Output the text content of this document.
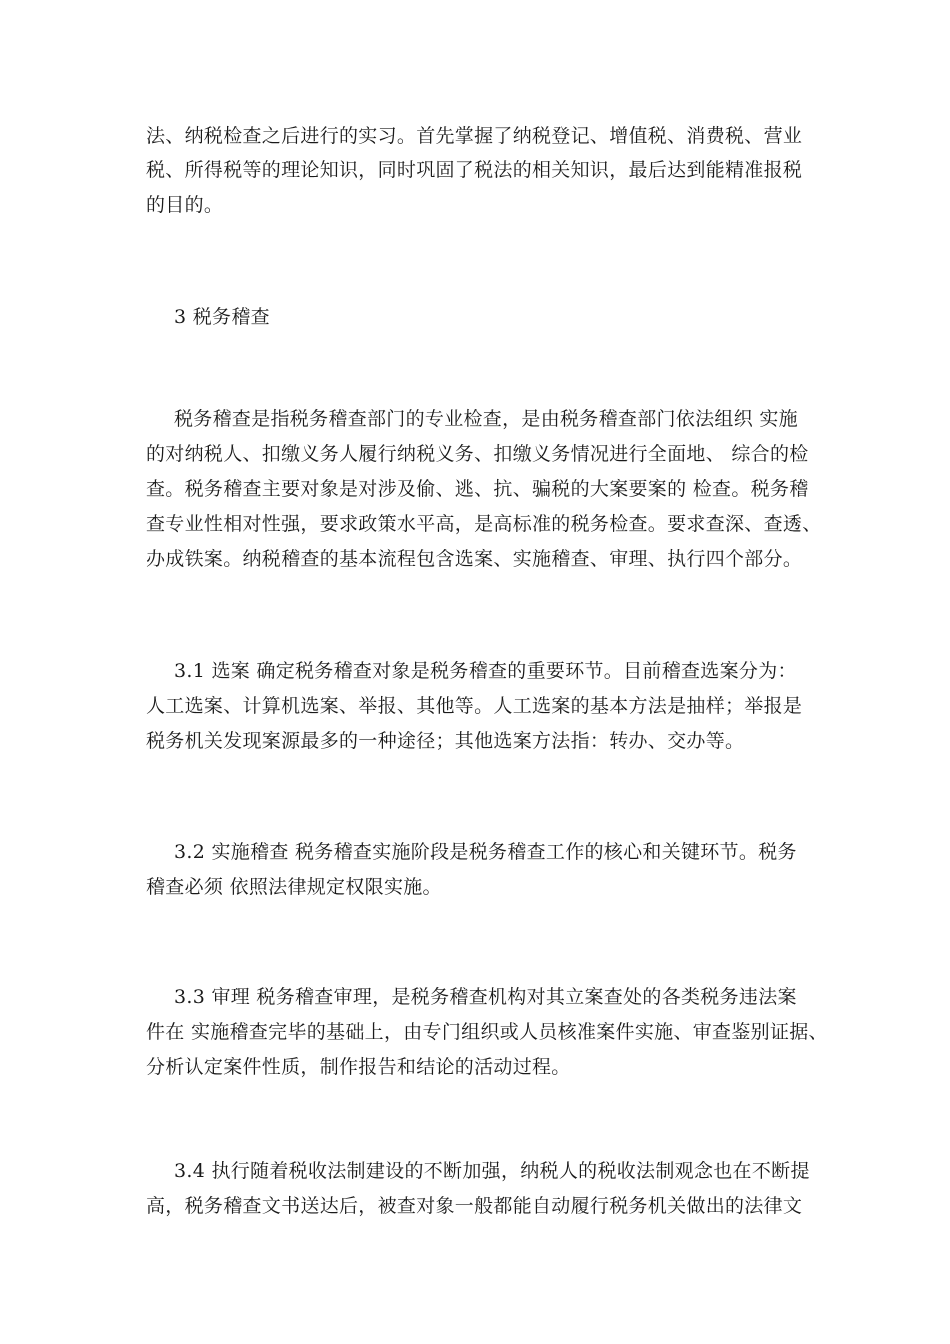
法、纳税检查之后进行的实习。首先掌握了纳税登记、增值税、消费税、营业
税、所得税等的理论知识，同时巩固了税法的相关知识，最后达到能精准报税
的目的。
3 税务稽查
税务稽查是指税务稽查部门的专业检查，是由税务稽查部门依法组织 实施
的对纳税人、扣缴义务人履行纳税义务、扣缴义务情况进行全面地、 综合的检
查。税务稽查主要对象是对涉及偷、逃、抗、骗税的大案要案的 检查。税务稽
查专业性相对性强，要求政策水平高，是高标准的税务检查。要求查深、查透、
办成铁案。纳税稽查的基本流程包含选案、实施稽查、审理、执行四个部分。
3.1 选案 确定税务稽查对象是税务稽查的重要环节。目前稽查选案分为：
人工选案、计算机选案、举报、其他等。人工选案的基本方法是抽样；举报是
税务机关发现案源最多的一种途径；其他选案方法指：转办、交办等。
3.2 实施稽查 税务稽查实施阶段是税务稽查工作的核心和关键环节。税务
稽查必须 依照法律规定权限实施。
3.3 审理 税务稽查审理，是税务稽查机构对其立案查处的各类税务违法案
件在 实施稽查完毕的基础上，由专门组织或人员核准案件实施、审查鉴别证据、
分析认定案件性质，制作报告和结论的活动过程。
3.4 执行随着税收法制建设的不断加强，纳税人的税收法制观念也在不断提
高，税务稽查文书送达后，被查对象一般都能自动履行税务机关做出的法律文
